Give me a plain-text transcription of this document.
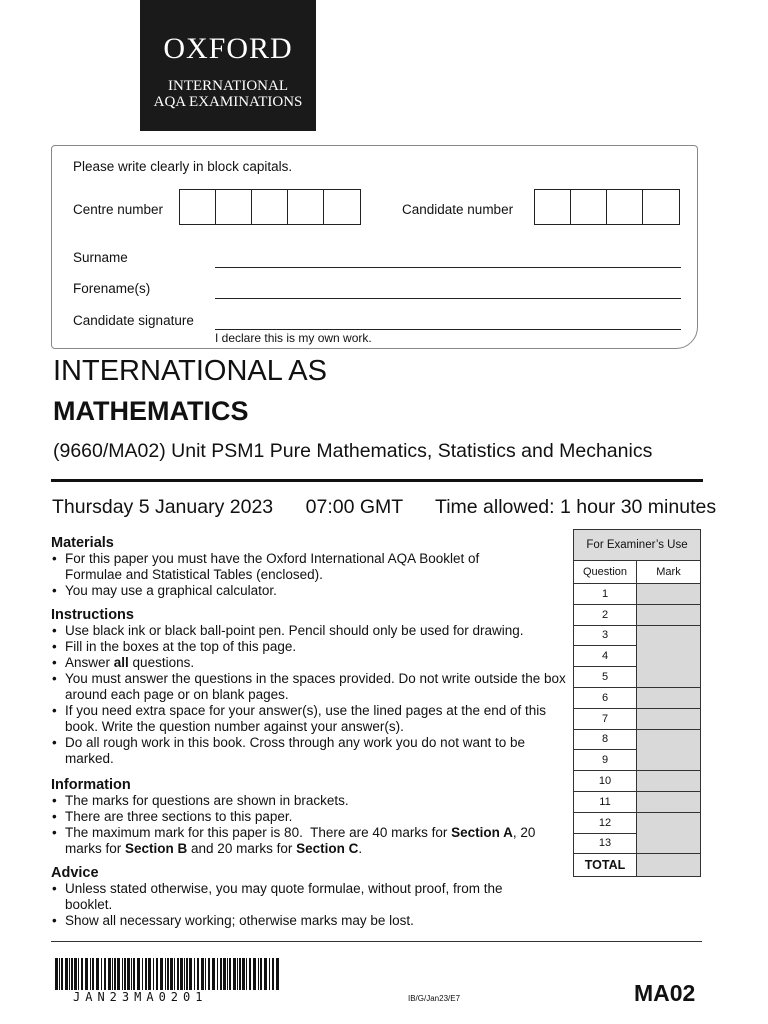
OXFORD
INTERNATIONAL
AQA EXAMINATIONS
Please write clearly in block capitals.
Centre number	Candidate number
Surname
Forename(s)
Candidate signature
I declare this is my own work.
INTERNATIONAL AS
MATHEMATICS
(9660/MA02) Unit PSM1 Pure Mathematics, Statistics and Mechanics
Thursday 5 January 2023 07:00 GMT Time allowed: 1 hour 30 minutes
Materials
• For this paper you must have the Oxford International AQA Booklet of Formulae and Statistical Tables (enclosed).
• You may use a graphical calculator.
Instructions
• Use black ink or black ball-point pen. Pencil should only be used for drawing.
• Fill in the boxes at the top of this page.
• Answer all questions.
• You must answer the questions in the spaces provided. Do not write outside the box around each page or on blank pages.
• If you need extra space for your answer(s), use the lined pages at the end of this book. Write the question number against your answer(s).
• Do all rough work in this book. Cross through any work you do not want to be marked.
Information
• The marks for questions are shown in brackets.
• There are three sections to this paper.
• The maximum mark for this paper is 80.  There are 40 marks for Section A, 20 marks for Section B and 20 marks for Section C.
Advice
• Unless stated otherwise, you may quote formulae, without proof, from the booklet.
• Show all necessary working; otherwise marks may be lost.
For Examiner’s Use	
Question	Mark
1	
2	
3	
4	
5	
6	
7	
8	
9	
10	
11	
12	
13	
TOTAL	
JAN23MA0201	IB/G/Jan23/E7	MA02
